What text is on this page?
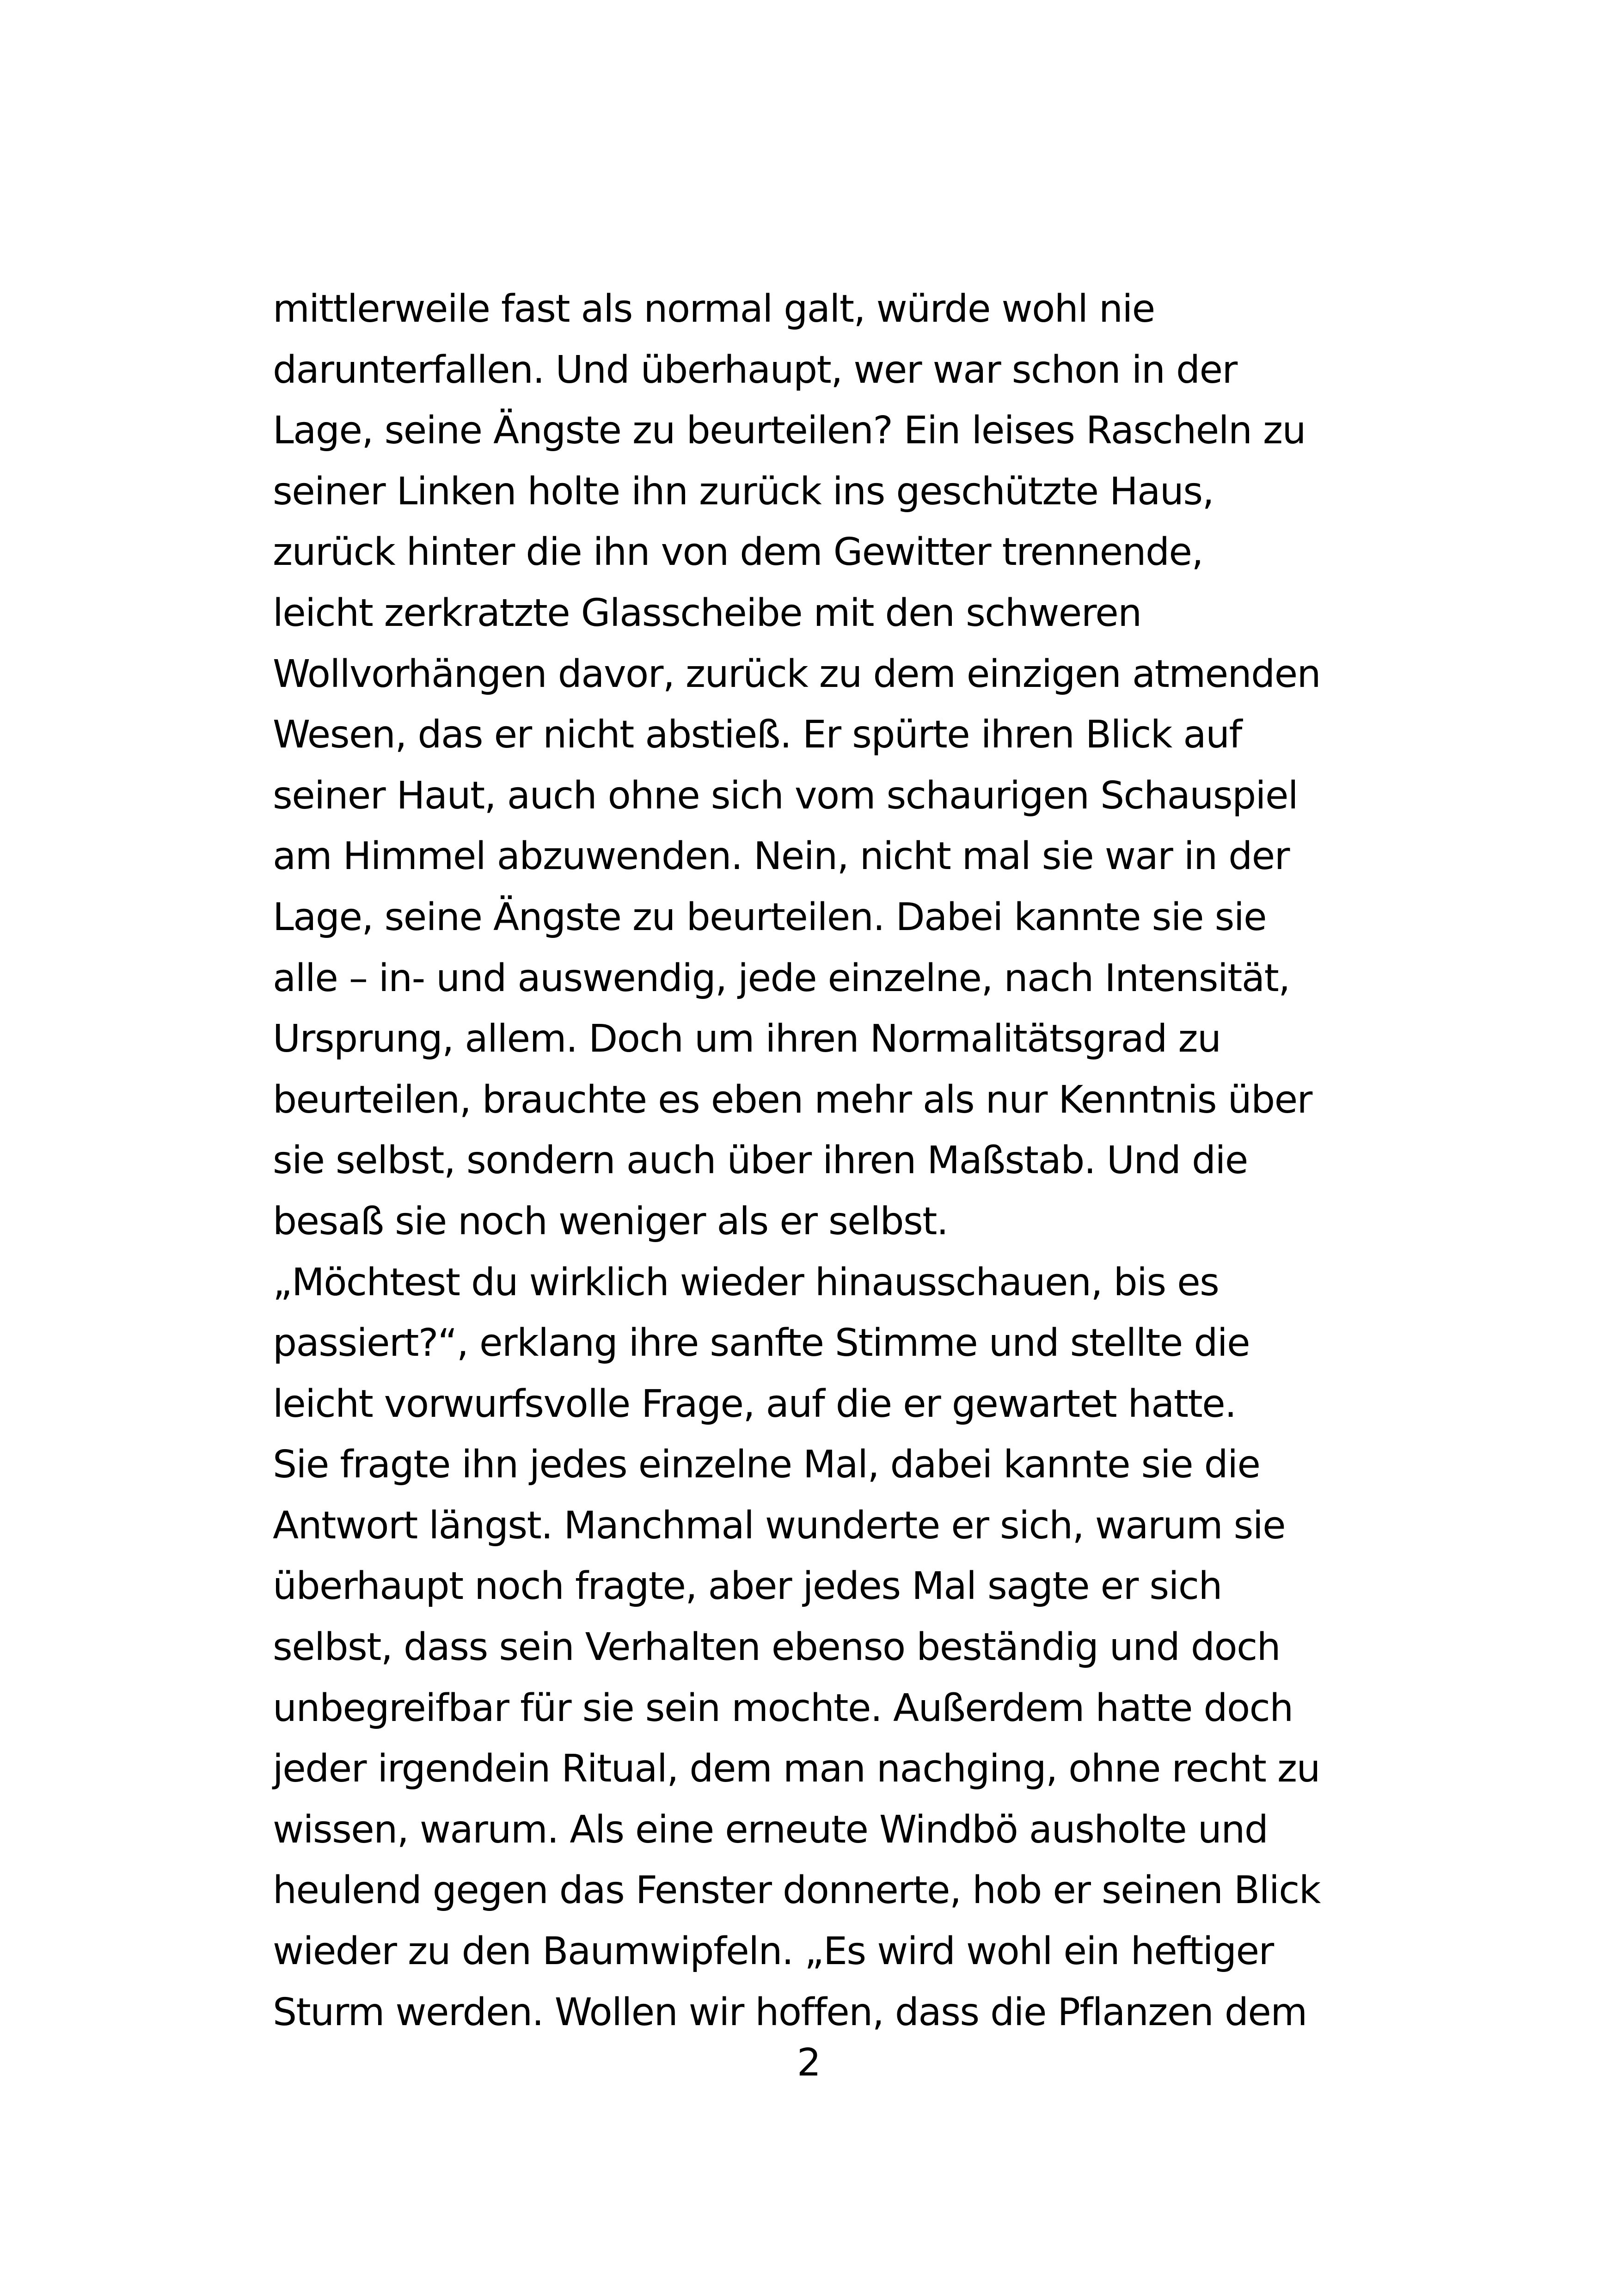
mittlerweile fast als normal galt, würde wohl nie
darunterfallen. Und überhaupt, wer war schon in der
Lage, seine Ängste zu beurteilen? Ein leises Rascheln zu
seiner Linken holte ihn zurück ins geschützte Haus,
zurück hinter die ihn von dem Gewitter trennende,
leicht zerkratzte Glasscheibe mit den schweren
Wollvorhängen davor, zurück zu dem einzigen atmenden
Wesen, das er nicht abstieß. Er spürte ihren Blick auf
seiner Haut, auch ohne sich vom schaurigen Schauspiel
am Himmel abzuwenden. Nein, nicht mal sie war in der
Lage, seine Ängste zu beurteilen. Dabei kannte sie sie
alle – in- und auswendig, jede einzelne, nach Intensität,
Ursprung, allem. Doch um ihren Normalitätsgrad zu
beurteilen, brauchte es eben mehr als nur Kenntnis über
sie selbst, sondern auch über ihren Maßstab. Und die
besaß sie noch weniger als er selbst.
„Möchtest du wirklich wieder hinausschauen, bis es
passiert?“, erklang ihre sanfte Stimme und stellte die
leicht vorwurfsvolle Frage, auf die er gewartet hatte.
Sie fragte ihn jedes einzelne Mal, dabei kannte sie die
Antwort längst. Manchmal wunderte er sich, warum sie
überhaupt noch fragte, aber jedes Mal sagte er sich
selbst, dass sein Verhalten ebenso beständig und doch
unbegreifbar für sie sein mochte. Außerdem hatte doch
jeder irgendein Ritual, dem man nachging, ohne recht zu
wissen, warum. Als eine erneute Windbö ausholte und
heulend gegen das Fenster donnerte, hob er seinen Blick
wieder zu den Baumwipfeln. „Es wird wohl ein heftiger
Sturm werden. Wollen wir hoffen, dass die Pflanzen dem
2
